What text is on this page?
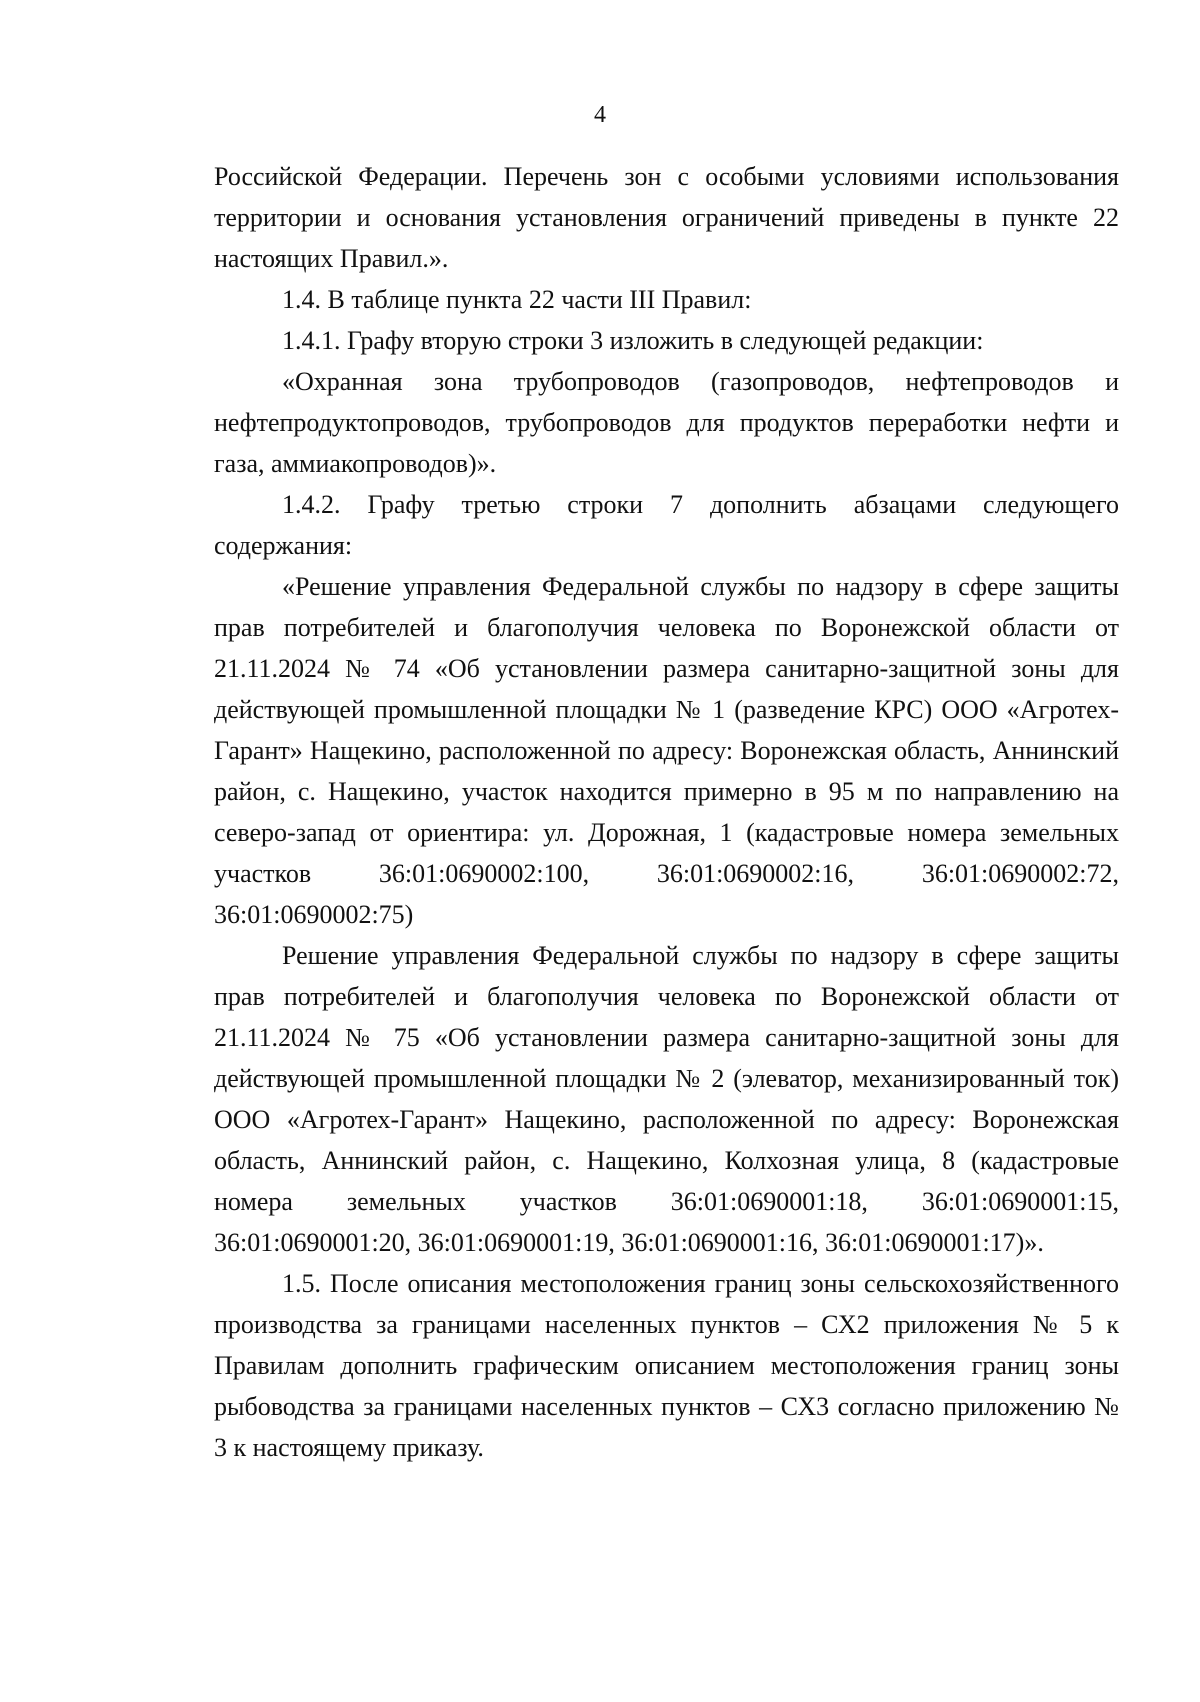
4

Российской Федерации. Перечень зон с особыми условиями использования территории и основания установления ограничений приведены в пункте 22 настоящих Правил.».

1.4. В таблице пункта 22 части III Правил:

1.4.1. Графу вторую строки 3 изложить в следующей редакции:

«Охранная зона трубопроводов (газопроводов, нефтепроводов и нефтепродуктопроводов, трубопроводов для продуктов переработки нефти и газа, аммиакопроводов)».

1.4.2. Графу третью строки 7 дополнить абзацами следующего содержания:

«Решение управления Федеральной службы по надзору в сфере защиты прав потребителей и благополучия человека по Воронежской области от 21.11.2024 № 74 «Об установлении размера санитарно-защитной зоны для действующей промышленной площадки № 1 (разведение КРС) ООО «Агротех-Гарант» Нащекино, расположенной по адресу: Воронежская область, Аннинский район, с. Нащекино, участок находится примерно в 95 м по направлению на северо-запад от ориентира: ул. Дорожная, 1 (кадастровые номера земельных участков 36:01:0690002:100, 36:01:0690002:16, 36:01:0690002:72, 36:01:0690002:75)

Решение управления Федеральной службы по надзору в сфере защиты прав потребителей и благополучия человека по Воронежской области от 21.11.2024 № 75 «Об установлении размера санитарно-защитной зоны для действующей промышленной площадки № 2 (элеватор, механизированный ток) ООО «Агротех-Гарант» Нащекино, расположенной по адресу: Воронежская область, Аннинский район, с. Нащекино, Колхозная улица, 8 (кадастровые номера земельных участков 36:01:0690001:18, 36:01:0690001:15, 36:01:0690001:20, 36:01:0690001:19, 36:01:0690001:16, 36:01:0690001:17)».

1.5. После описания местоположения границ зоны сельскохозяйственного производства за границами населенных пунктов – СХ2 приложения № 5 к Правилам дополнить графическим описанием местоположения границ зоны рыбоводства за границами населенных пунктов – СХ3 согласно приложению № 3 к настоящему приказу.
